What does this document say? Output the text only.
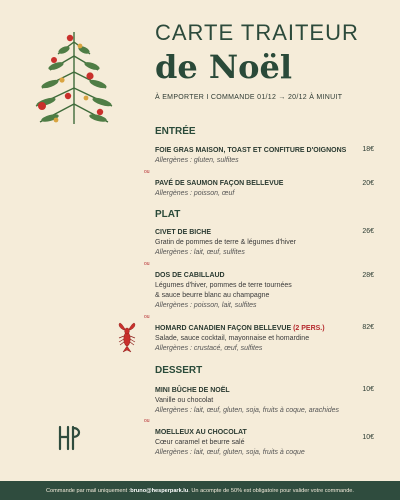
CARTE TRAITEUR
de Noël
À EMPORTER I COMMANDE 01/12 → 20/12 À MINUIT
ENTRÉE
FOIE GRAS MAISON, TOAST ET CONFITURE D'OIGNONS
Allergènes : gluten, sulfites
18€
ou
PAVÉ DE SAUMON FAÇON BELLEVUE
Allergènes : poisson, œuf
20€
PLAT
CIVET DE BICHE
Gratin de pommes de terre & légumes d'hiver
Allergènes : lait, œuf, sulfites
26€
ou
DOS DE CABILLAUD
Légumes d'hiver, pommes de terre tournées
& sauce beurre blanc au champagne
Allergènes : poisson, lait, sulfites
28€
ou
HOMARD CANADIEN FAÇON BELLEVUE (2 PERS.)
Salade, sauce cocktail, mayonnaise et homardine
Allergènes : crustacé, œuf, sulfites
82€
DESSERT
MINI BÛCHE DE NOËL
Vanille ou chocolat
Allergènes : lait, œuf, gluten, soja, fruits à coque, arachides
10€
ou
MOELLEUX AU CHOCOLAT
Cœur caramel et beurre salé
Allergènes : lait, œuf, gluten, soja, fruits à coque
10€
Commande par mail uniquement : bruno@hesperpark.lu . Un acompte de 50% est obligatoire pour valider votre commande.
